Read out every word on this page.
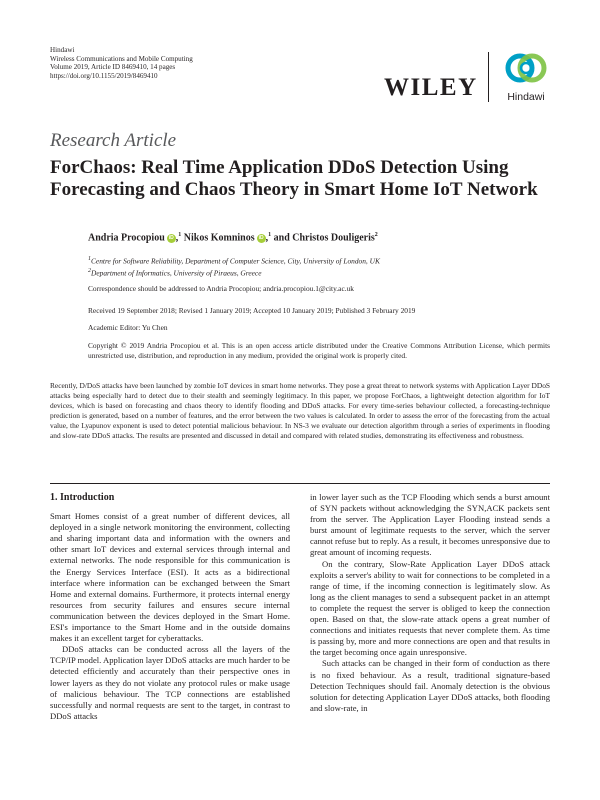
Hindawi
Wireless Communications and Mobile Computing
Volume 2019, Article ID 8469410, 14 pages
https://doi.org/10.1155/2019/8469410	WILEY	Hindawi
Research Article
ForChaos: Real Time Application DDoS Detection Using Forecasting and Chaos Theory in Smart Home IoT Network
Andria Procopiou iD ,$^1$ Nikos Komninos iD ,$^1$ and Christos Douligeris$^2$
$^1$Centre for Software Reliability, Department of Computer Science, City, University of London, UK
$^2$Department of Informatics, University of Piraeus, Greece
Correspondence should be addressed to Andria Procopiou; andria.procopiou.1@city.ac.uk
Received 19 September 2018; Revised 1 January 2019; Accepted 10 January 2019; Published 3 February 2019
Academic Editor: Yu Chen
Copyright © 2019 Andria Procopiou et al. This is an open access article distributed under the Creative Commons Attribution License, which permits unrestricted use, distribution, and reproduction in any medium, provided the original work is properly cited.
Recently, D/DoS attacks have been launched by zombie IoT devices in smart home networks. They pose a great threat to network systems with Application Layer DDoS attacks being especially hard to detect due to their stealth and seemingly legitimacy. In this paper, we propose ForChaos, a lightweight detection algorithm for IoT devices, which is based on forecasting and chaos theory to identify flooding and DDoS attacks. For every time-series behaviour collected, a forecasting-technique prediction is generated, based on a number of features, and the error between the two values is calculated. In order to assess the error of the forecasting from the actual value, the Lyapunov exponent is used to detect potential malicious behaviour. In NS-3 we evaluate our detection algorithm through a series of experiments in flooding and slow-rate DDoS attacks. The results are presented and discussed in detail and compared with related studies, demonstrating its effectiveness and robustness.
1. Introduction

Smart Homes consist of a great number of different devices, all deployed in a single network monitoring the environment, collecting and sharing important data and information with the owners and other smart IoT devices and external services through internal and external networks. The node responsible for this communication is the Energy Services Interface (ESI). It acts as a bidirectional interface where information can be exchanged between the Smart Home and external domains. Furthermore, it protects internal energy resources from security failures and ensures secure internal communication between the devices deployed in the Smart Home. ESI's importance to the Smart Home and in the outside domains makes it an excellent target for cyberattacks.

DDoS attacks can be conducted across all the layers of the TCP/IP model. Application layer DDoS attacks are much harder to be detected efficiently and accurately than their perspective ones in lower layers as they do not violate any protocol rules or make usage of malicious behaviour. The TCP connections are established successfully and normal requests are sent to the target, in contrast to DDoS attacks

in lower layer such as the TCP Flooding which sends a burst amount of SYN packets without acknowledging the SYN,ACK packets sent from the server. The Application Layer Flooding instead sends a burst amount of legitimate requests to the server, which the server cannot refuse but to reply. As a result, it becomes unresponsive due to great amount of incoming requests.

On the contrary, Slow-Rate Application Layer DDoS attack exploits a server's ability to wait for connections to be completed in a range of time, if the incoming connection is legitimately slow. As long as the client manages to send a subsequent packet in an attempt to complete the request the server is obliged to keep the connection open. Based on that, the slow-rate attack opens a great number of connections and initiates requests that never complete them. As time is passing by, more and more connections are open and that results in the target becoming once again unresponsive.

Such attacks can be changed in their form of conduction as there is no fixed behaviour. As a result, traditional signature-based Detection Techniques should fail. Anomaly detection is the obvious solution for detecting Application Layer DDoS attacks, both flooding and slow-rate, in
